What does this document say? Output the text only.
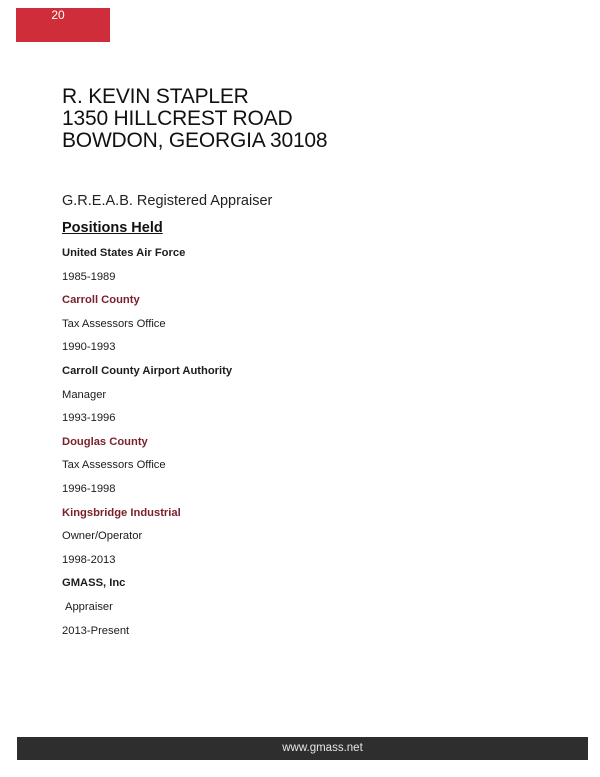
20
R. KEVIN STAPLER
1350 HILLCREST ROAD
BOWDON, GEORGIA 30108
G.R.E.A.B. Registered Appraiser
Positions Held
United States Air Force
1985-1989
Carroll County
Tax Assessors Office
1990-1993
Carroll County Airport Authority
Manager
1993-1996
Douglas County
Tax Assessors Office
1996-1998
Kingsbridge Industrial
Owner/Operator
1998-2013
GMASS, Inc
Appraiser
2013-Present
www.gmass.net
